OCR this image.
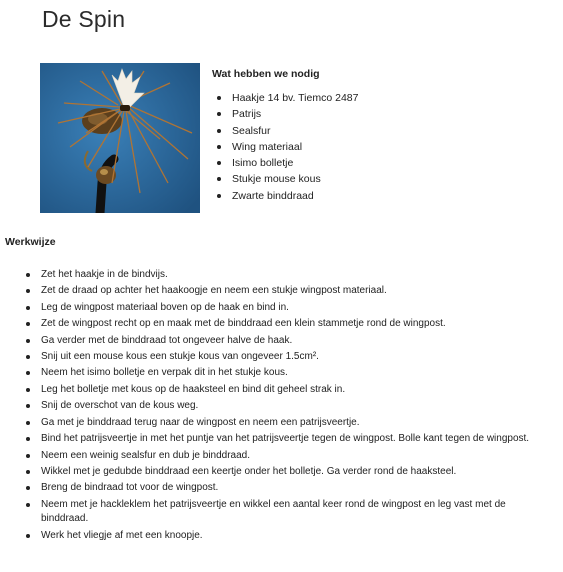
De Spin
Wat hebben we nodig
Haakje 14 bv. Tiemco 2487
Patrijs
Sealsfur
Wing materiaal
Isimo bolletje
Stukje mouse kous
Zwarte binddraad
Werkwijze
Zet het haakje in de bindvijs.
Zet de draad op achter het haakoogje en neem een stukje wingpost materiaal.
Leg de wingpost materiaal boven op de haak en bind in.
Zet de wingpost recht op en maak met de binddraad een klein stammetje rond de wingpost.
Ga verder met de binddraad tot ongeveer halve de haak.
Snij uit een mouse kous een stukje kous van ongeveer 1.5cm².
Neem het isimo bolletje en verpak dit in het stukje kous.
Leg het bolletje met kous op de haaksteel en bind dit geheel strak in.
Snij de overschot van de kous weg.
Ga met je binddraad terug naar de wingpost en neem een patrijsveertje.
Bind het patrijsveertje in met het puntje van het patrijsveertje tegen de wingpost. Bolle kant tegen de wingpost.
Neem een weinig sealsfur en dub je binddraad.
Wikkel met je gedubde binddraad een keertje onder het bolletje. Ga verder rond de haaksteel.
Breng de bindraad tot voor de wingpost.
Neem met je hackleklem het patrijsveertje en wikkel een aantal keer rond de wingpost en leg vast met de binddraad.
Werk het vliegje af met een knoopje.
